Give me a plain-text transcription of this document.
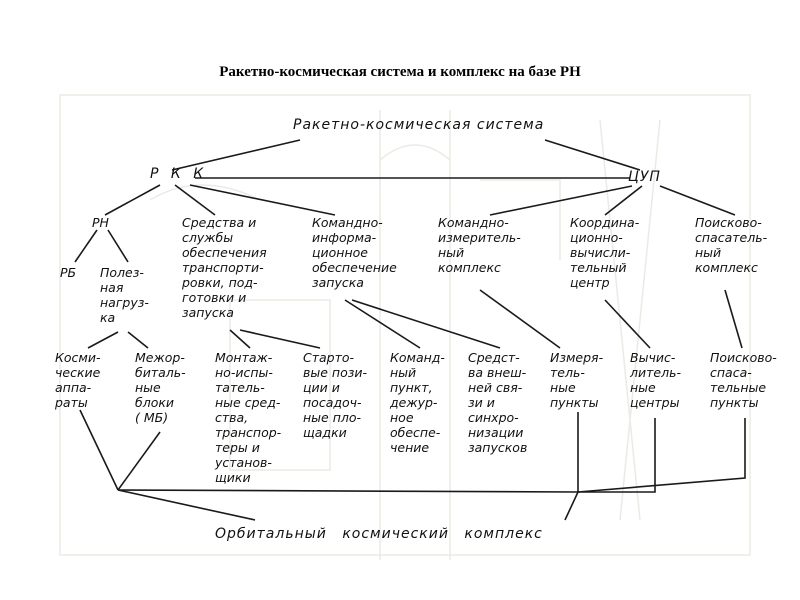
Ракетно-космическая система и комплекс на базе РН
Ракетно-космическая система
Р К К	ЦУП
РН	Средства и
службы
обеспечения
транспорти-
ровки, под-
готовки и
запуска
Командно-
информа-
ционное
обеспечение
запуска
Командно-
измеритель-
ный
комплекс
Координа-
ционно-
вычисли-
тельный
центр
Поисково-
спасатель-
ный
комплекс
РБ Полез-
ная
нагруз-
ка
Косми-
ческие
аппа-
раты
Межор-
биталь-
ные
блоки
( МБ)
Монтаж-
но-испы-
татель-
ные сред-
ства,
транспор-
теры и
установ-
щики
Старто-
вые пози-
ции и
посадоч-
ные пло-
щадки
Команд-
ный
пункт,
дежур-
ное
обеспе-
чение
Средст-
ва внеш-
ней свя-
зи и
синхро-
низации
запусков
Измеря-
тель-
ные
пункты
Вычис-
литель-
ные
центры
Поисково-
спаса-
тельные
пункты
Орбитальный космический комплекс
